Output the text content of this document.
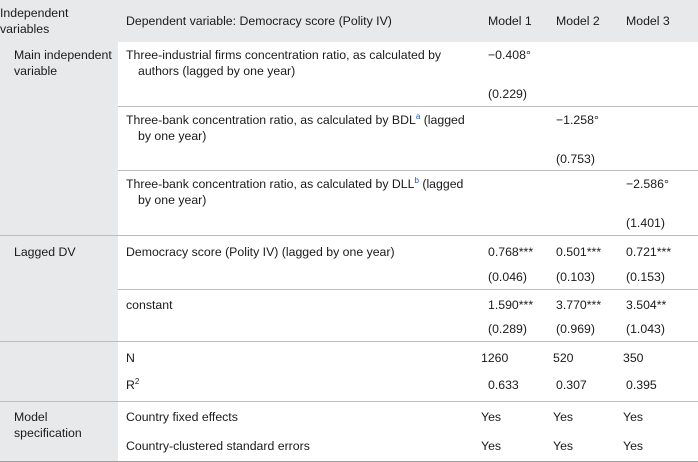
Independent variables	Dependent variable: Democracy score (Polity IV)	Model 1	Model 2	Model 3
Main independent variable	Three-industrial firms concentration ratio, as calculated by authors (lagged by one year)	−0.408°		
		(0.229)		

	Three-bank concentration ratio, as calculated by BDL$^a$ (lagged by one year)		−1.258°	
			(0.753)	

	Three-bank concentration ratio, as calculated by DLL$^b$ (lagged by one year)			−2.586°
				(1.401)
Lagged DV	Democracy score (Polity IV) (lagged by one year)	0.768***	0.501***	0.721***
		(0.046)	(0.103)	(0.153)
	constant	1.590***	3.770***	3.504**
		(0.289)	(0.969)	(1.043)
	N	1260	520	350
	$R^2$	0.633	0.307	0.395
Model specification	Country fixed effects	Yes	Yes	Yes
	Country-clustered standard errors	Yes	Yes	Yes
